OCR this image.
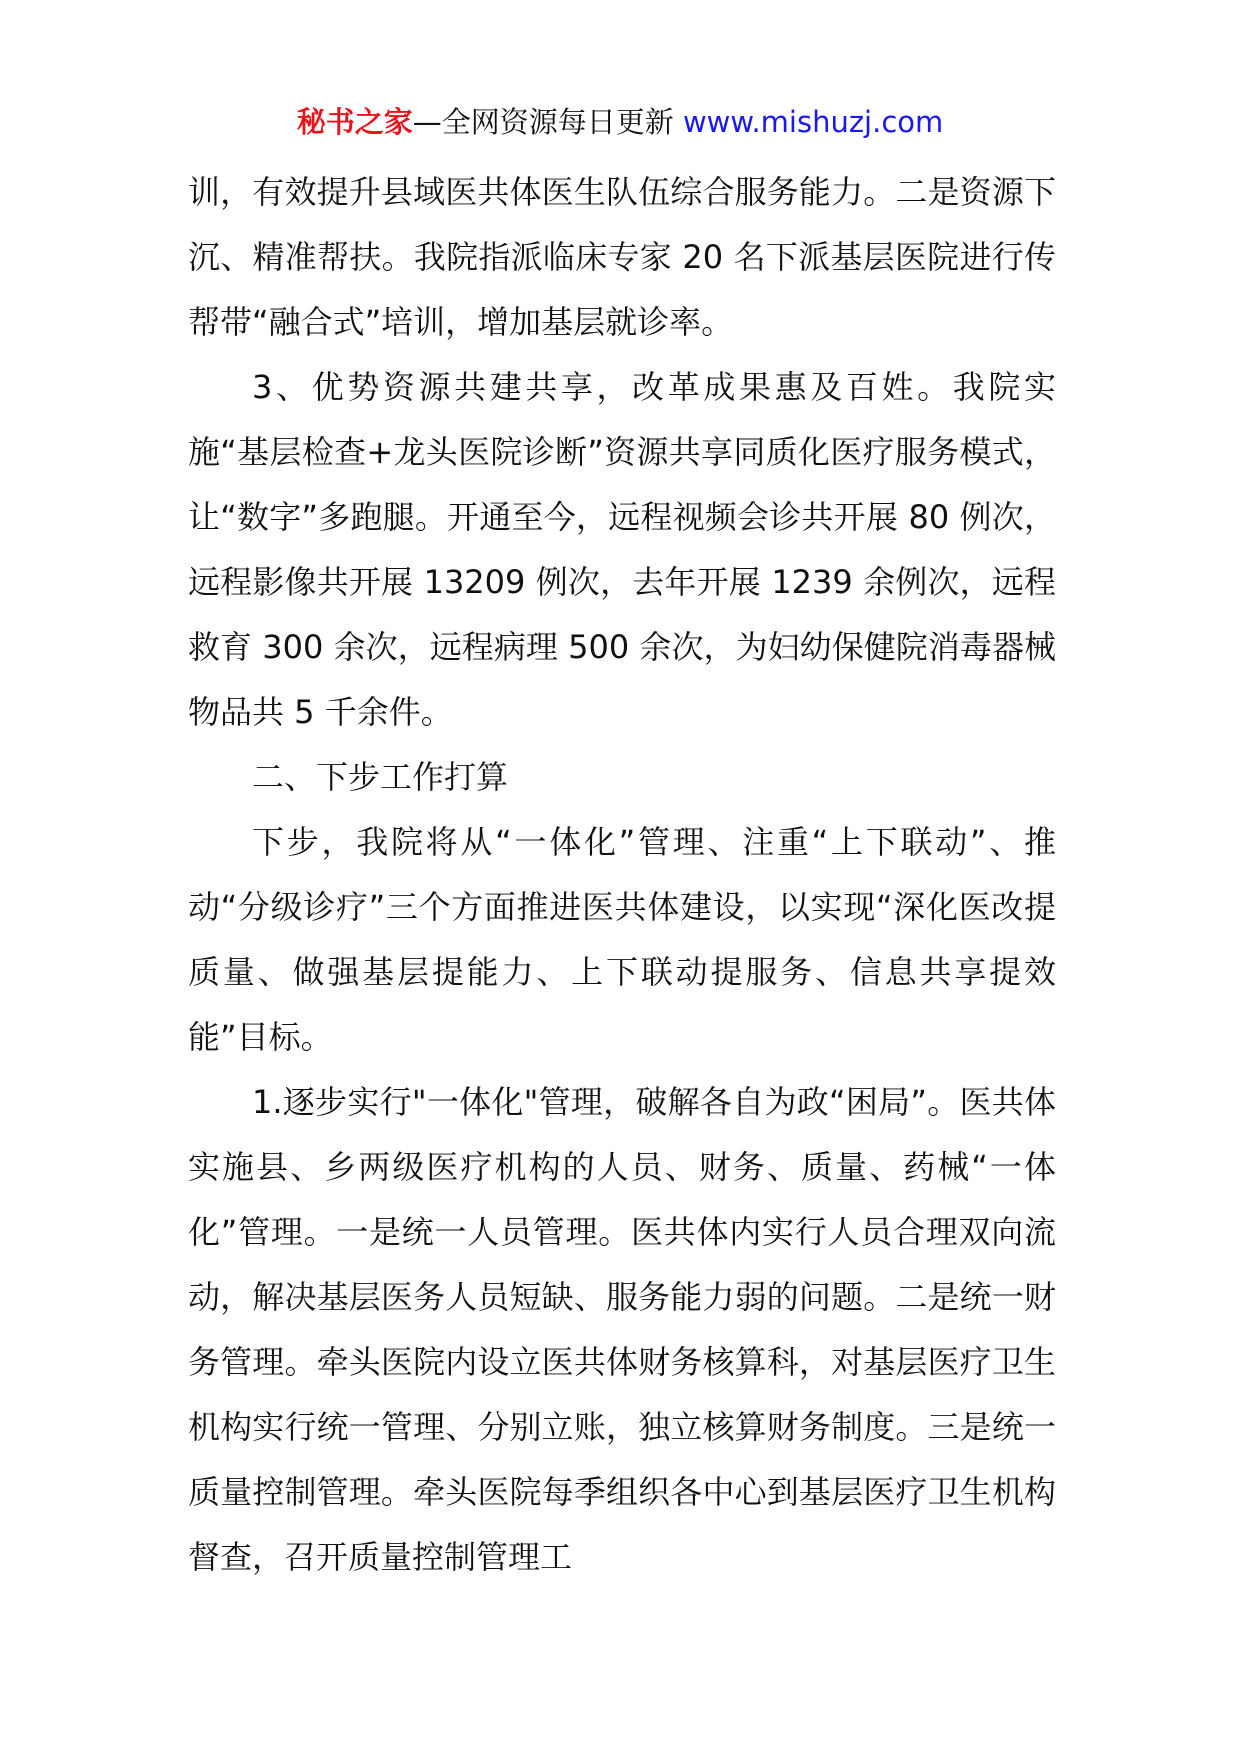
秘书之家—全网资源每日更新 www.mishuzj.com

训，有效提升县域医共体医生队伍综合服务能力。二是资源下沉、精准帮扶。我院指派临床专家 20 名下派基层医院进行传帮带“融合式”培训，增加基层就诊率。

3、优势资源共建共享，改革成果惠及百姓。我院实施“基层检查+龙头医院诊断”资源共享同质化医疗服务模式，让“数字”多跑腿。开通至今，远程视频会诊共开展 80 例次，远程影像共开展 13209 例次，去年开展 1239 余例次，远程救育 300 余次，远程病理 500 余次，为妇幼保健院消毒器械物品共 5 千余件。

二、下步工作打算

下步，我院将从“一体化”管理、注重“上下联动”、推动“分级诊疗”三个方面推进医共体建设，以实现“深化医改提质量、做强基层提能力、上下联动提服务、信息共享提效能”目标。

1.逐步实行"一体化"管理，破解各自为政“困局”。医共体实施县、乡两级医疗机构的人员、财务、质量、药械“一体化”管理。一是统一人员管理。医共体内实行人员合理双向流动，解决基层医务人员短缺、服务能力弱的问题。二是统一财务管理。牵头医院内设立医共体财务核算科，对基层医疗卫生机构实行统一管理、分别立账，独立核算财务制度。三是统一质量控制管理。牵头医院每季组织各中心到基层医疗卫生机构督查，召开质量控制管理工
